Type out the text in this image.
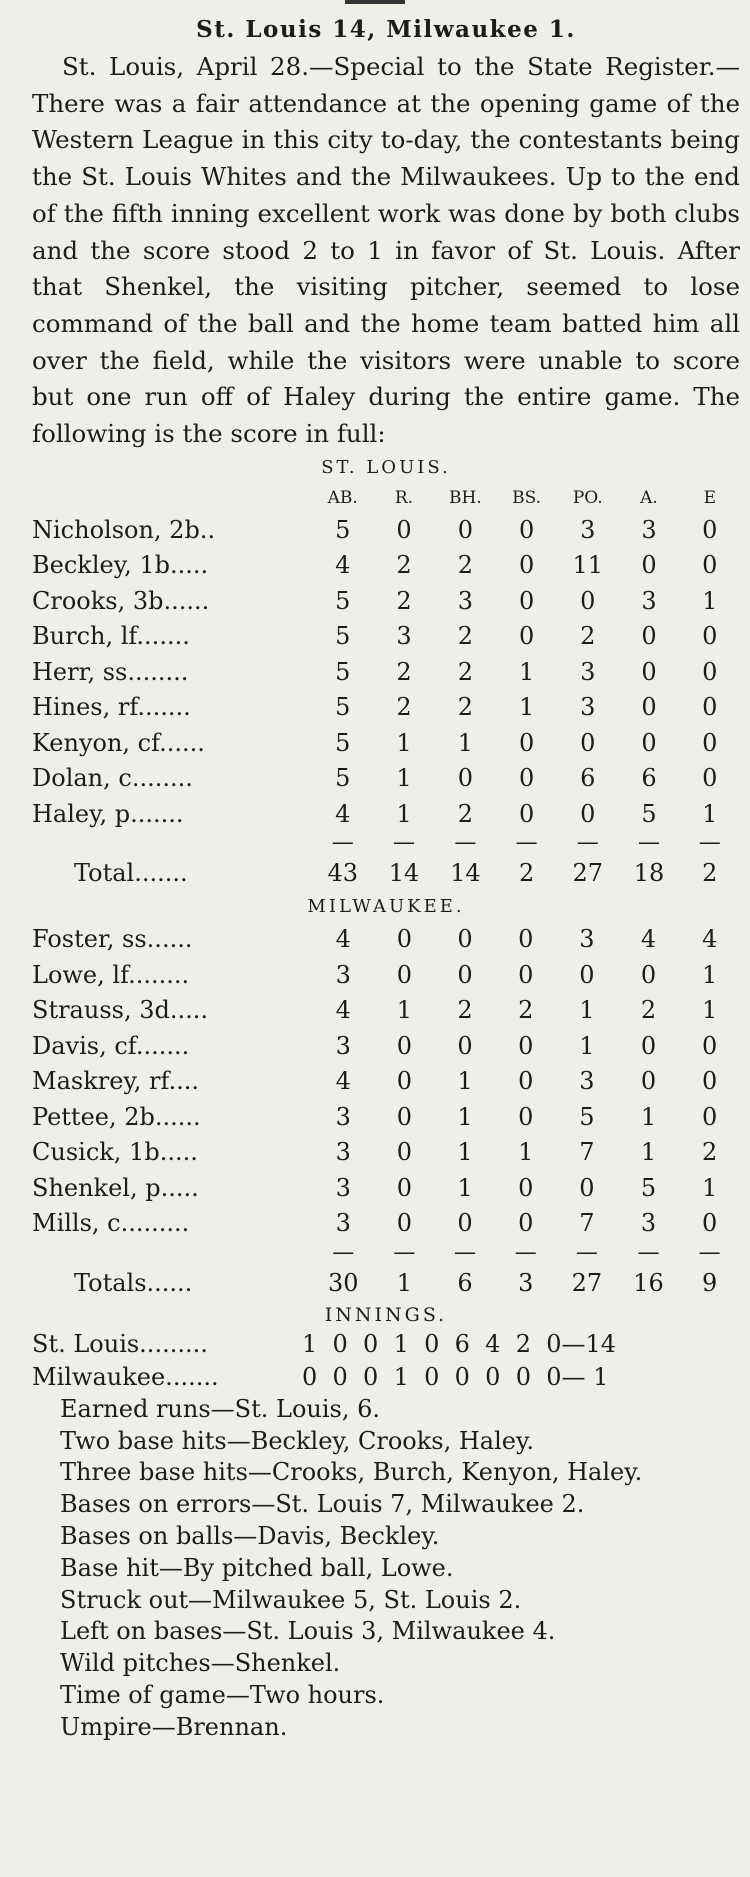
St. Louis 14, Milwaukee 1.

St. Louis, April 28.—Special to the State Register.—There was a fair attendance at the opening game of the Western League in this city to-day, the contestants being the St. Louis Whites and the Milwaukees. Up to the end of the fifth inning excellent work was done by both clubs and the score stood 2 to 1 in favor of St. Louis. After that Shenkel, the visiting pitcher, seemed to lose command of the ball and the home team batted him all over the field, while the visitors were unable to score but one run off of Haley during the entire game. The following is the score in full:

ST. LOUIS.
	AB.	R.	BH.	BS.	PO.	A.	E
Nicholson, 2b..	5	0	0	0	3	3	0
Beckley, 1b.....	4	2	2	0	11	0	0
Crooks, 3b......	5	2	3	0	0	3	1
Burch, lf.......	5	3	2	0	2	0	0
Herr, ss........	5	2	2	1	3	0	0
Hines, rf.......	5	2	2	1	3	0	0
Kenyon, cf......	5	1	1	0	0	0	0
Dolan, c........	5	1	0	0	6	6	0
Haley, p.......	4	1	2	0	0	5	1
	—	—	—	—	—	—	—
Total.......	43	14	14	2	27	18	2
MILWAUKEE.
Foster, ss......	4	0	0	0	3	4	4
Lowe, lf........	3	0	0	0	0	0	1
Strauss, 3d.....	4	1	2	2	1	2	1
Davis, cf.......	3	0	0	0	1	0	0
Maskrey, rf....	4	0	1	0	3	0	0
Pettee, 2b......	3	0	1	0	5	1	0
Cusick, 1b.....	3	0	1	1	7	1	2
Shenkel, p.....	3	0	1	0	0	5	1
Mills, c.........	3	0	0	0	7	3	0
	—	—	—	—	—	—	—
Totals......	30	1	6	3	27	16	9
INNINGS.
St. Louis.........	1  0  0  1  0  6  4  2  0—14
Milwaukee.......	0  0  0  1  0  0  0  0  0— 1

Earned runs—St. Louis, 6.

Two base hits—Beckley, Crooks, Haley.

Three base hits—Crooks, Burch, Kenyon, Haley.

Bases on errors—St. Louis 7, Milwaukee 2.

Bases on balls—Davis, Beckley.

Base hit—By pitched ball, Lowe.

Struck out—Milwaukee 5, St. Louis 2.

Left on bases—St. Louis 3, Milwaukee 4.

Wild pitches—Shenkel.

Time of game—Two hours.

Umpire—Brennan.
